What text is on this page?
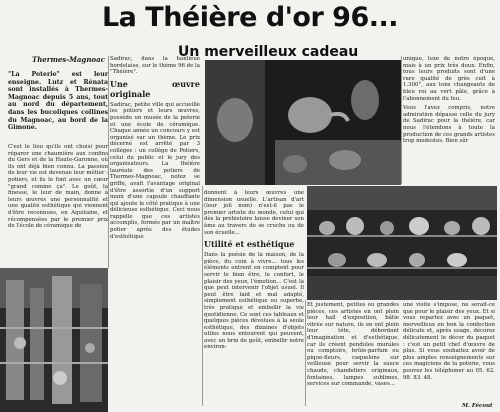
La Théière d'or 96...
Un merveilleux cadeau
Thermes-Magnoac
"La Poterie" est leur enseigne. Lutz et Rénata sont installés à Thermes-Magnoac depuis 5 ans, tout au nord du département, dans les bucoliques collines du Magnoac, au bord de la Gimone.
C'est le lieu qu'ils ont choisi pour réparer une chaumière aux confins du Gers et de la Haute-Garonne, où ils ont déjà bien connu. La passion de leur vie est devenue leur métier : potiers, et ils le font avec un cœur "grand comme ça". Le goût, la finesse, le leur de main, donne à leurs œuvres une personnalité et une qualité esthétique qui viennent d'être reconnues, en Aquitaine, et récompensées par le premier prix de l'école de céramique de
Sadirac, dans la banlieue bordelaise, sur le thème 96 de la "Théière".
Une œuvre originale
Sadirac, petite ville qui accueille les potiers et leurs œuvres, possède un musée de la poterie et une école de céramique. Chaque année un concours y est organisé sur un thème. Le prix décerné est arrêté par 3 collèges : un collège de Potiers, celui du public et le jury des organisateurs. La théière lauréate des potiers de Thermes-Magnoac, notez se griffe, avait l'avantage original d'être assortie d'un support muni d'une capsule chauffante qui ajoute le côté pratique à une délicieuse esthétique. Ceci nous rappelle que ces artistes accomplis, formés par un maître potier après des études d'esthétique
donnent à leurs œuvres une dimension usuelle. L'artisan d'art (leur joli nom) n'est-il pas le premier artiste du monde, celui qui dès la préhistoire laisse deviner son âme au travers de se cruche ou de son écuelle...
Utilité et esthétique
Dans la poésie de la maison, de la pièce, du coin à vivre... tous les éléments entrent en comptent pour servir le bien être, le confort, le plaisir des yeux, l'émotion... C'est là que peut intervenir l'objet usuel. Il peut être laid et mal adapté, simplement esthétique ou superbe, très pratique et embellir la vie quotidienne. Ce sont ces tableaux et quelques pièces dévolues à la seule esthétique, des dizaines d'objets utiles nous entourent qui peuvent, avec un brin de goût, embellir notre environ-
Et justement, petites ou grandes pièces, ces artistes en ont plein leur hall d'exposition, bâtie vitrée sur nature, ils en ont plein leur tête, débordant d'imagination et d'esthétique, car ils créent pendules murales ou comptoirs, brûle-parfum ou pique-fleurs, caquelons sur veilleuse pour servir la sauce chaude, chandeliers originaux, fontaines, lampes sublimes, services sur commande, vases...
unique, luxe de notre époque, mais à un prix très doux. Enfin, tous leurs produits sont d'une rare qualité de grès cuit à 1.300°, aux tons changeants de bleu roi au vert pâle, grâce à l'abonnement du feu.
Vous l'avez compris, notre admiration dépasse celle du jury de Sadirac pour la théière, car nous l'étendons à toute la production de ces grands artistes trop modestes. Bien sûr
une visite s'impose, ne serait-ce que pour le plaisir des yeux. Et si vous repartez avec un paquet, merveilleux en bon la confection délicate et, après usage, décorez délicatement le décor du paquet : c'est un petit chef d'œuvre de plus. Si vous souhaitez avoir de plus amples renseignements sur ces magiciens de la poterie, vous pouvez les téléphoner au 05. 62. 98. 83. 48.
M. Fécout
